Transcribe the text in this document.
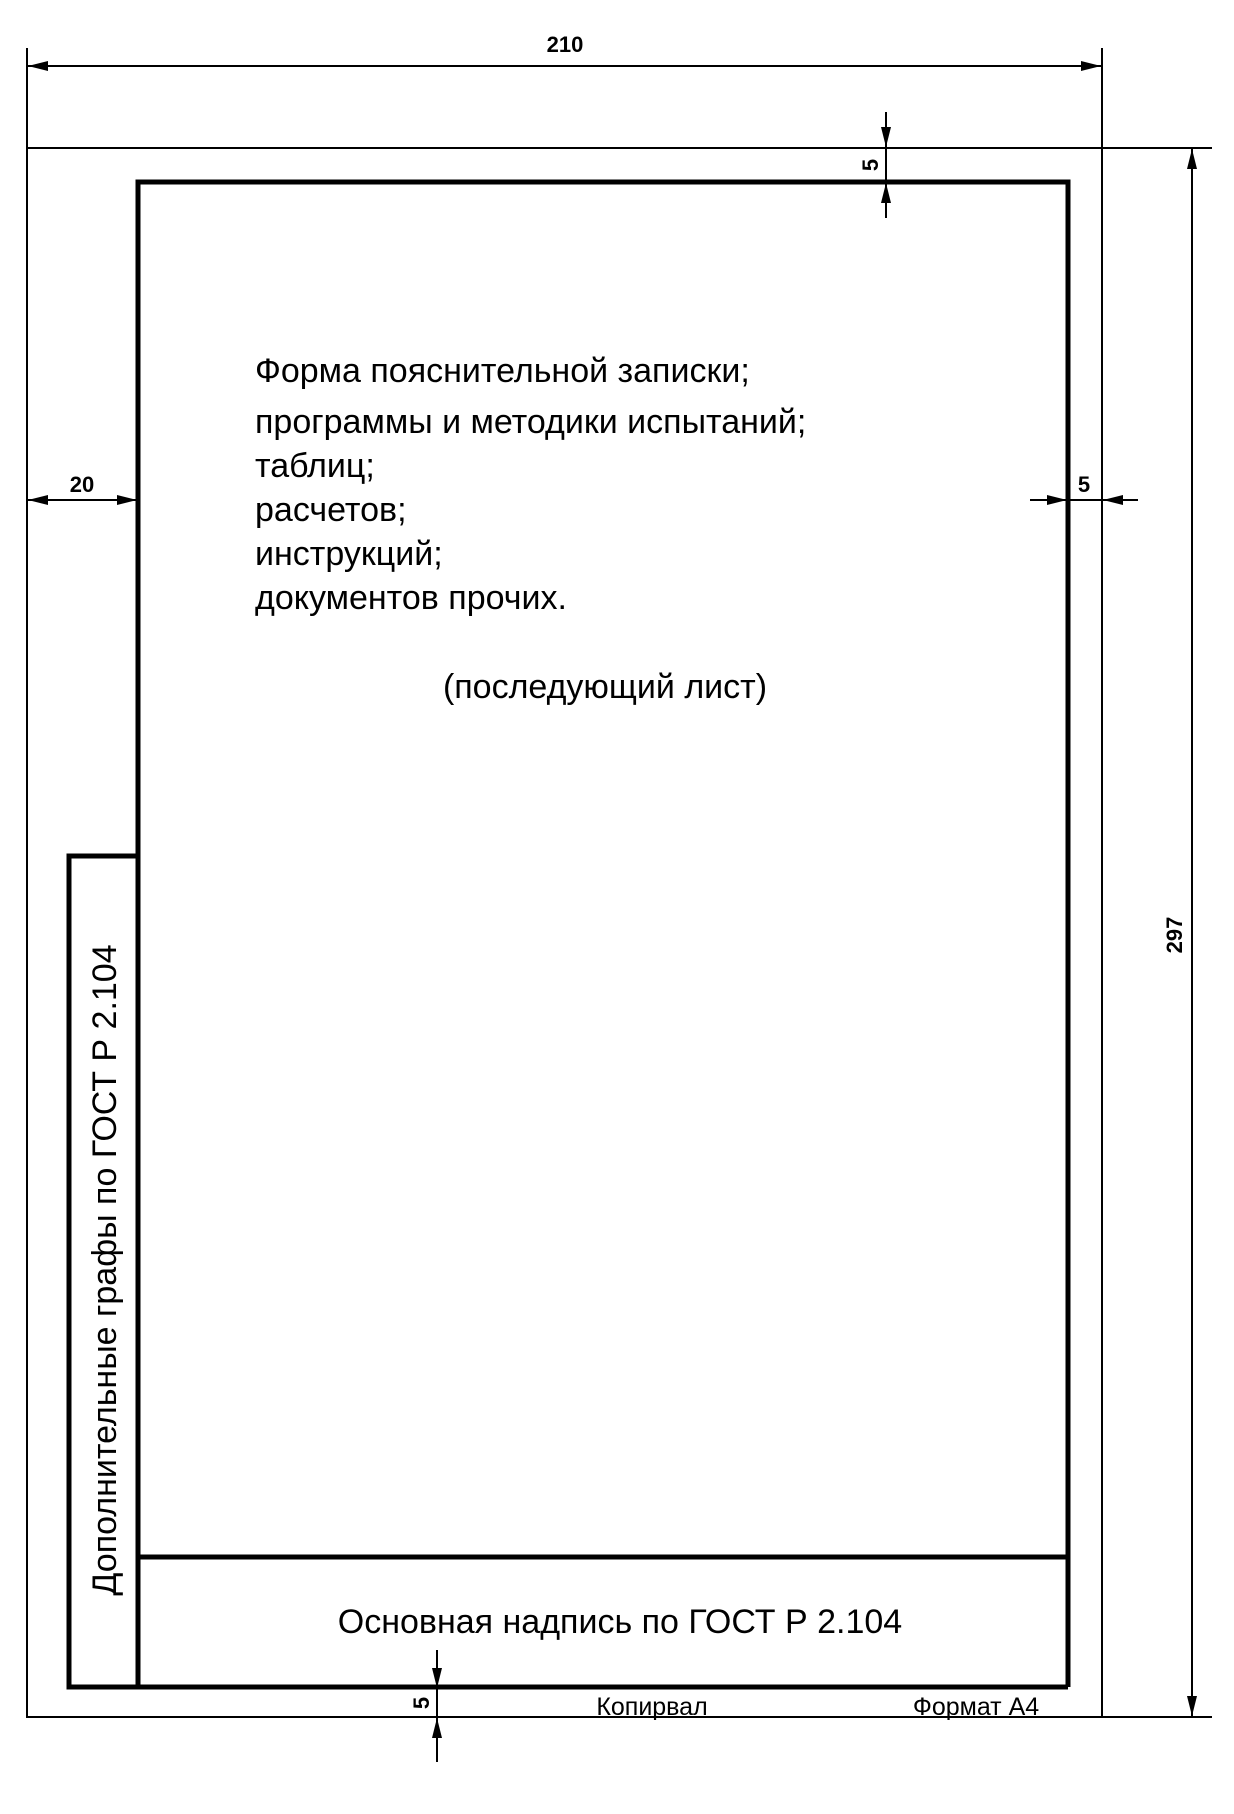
210
297
20	5
5
5
Форма пояснительной записки;
программы и методики испытаний;
таблиц;
расчетов;
инструкций;
документов прочих.
(последующий лист)
Дополнительные графы по ГОСТ Р 2.104
Основная надпись по ГОСТ Р 2.104
Копирвал	Формат А4
